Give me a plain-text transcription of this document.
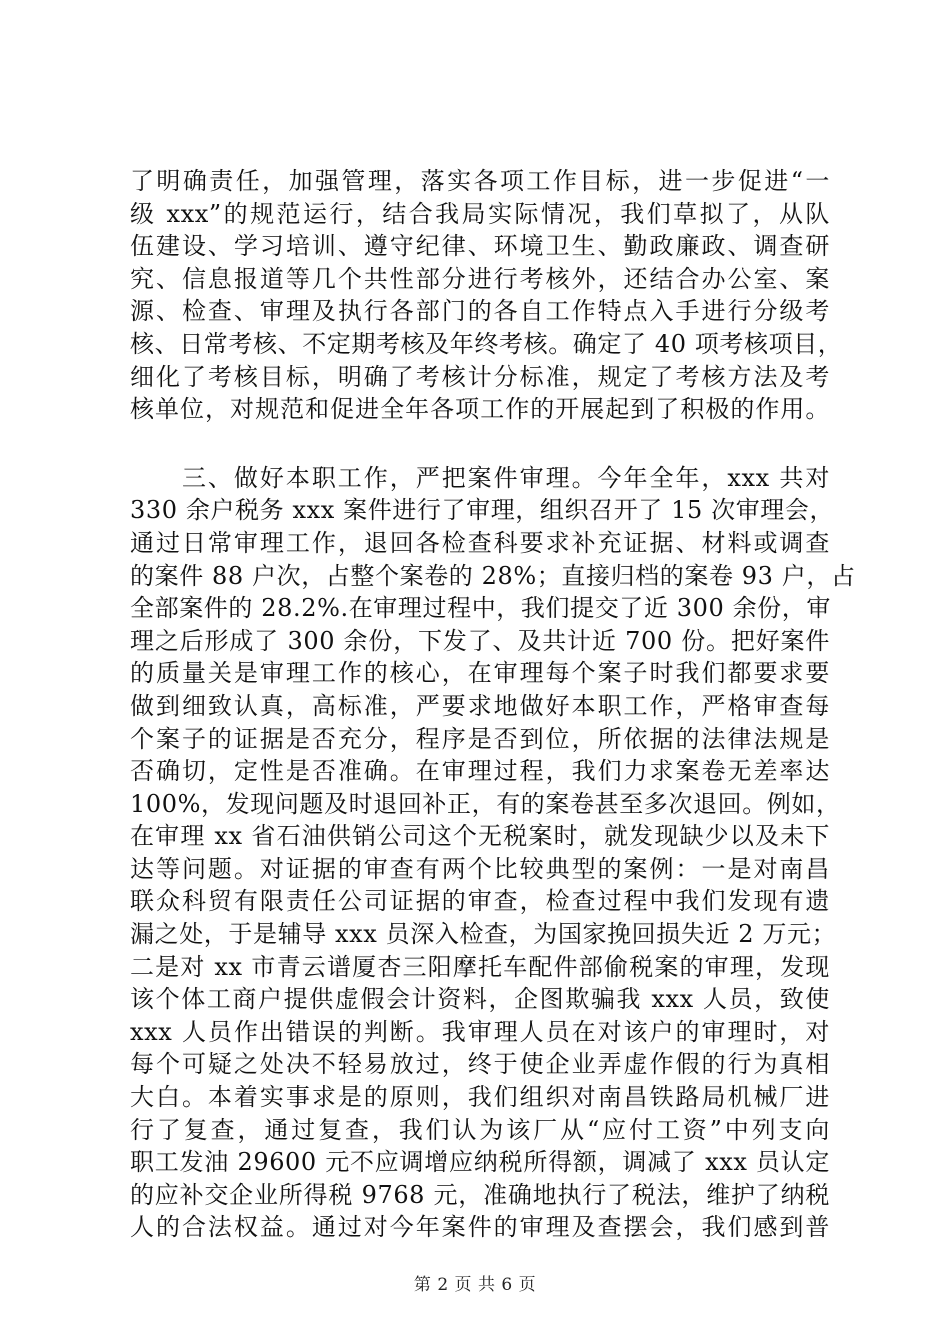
了明确责任，加强管理，落实各项工作目标，进一步促进“一
级 xxx”的规范运行，结合我局实际情况，我们草拟了，从队
伍建设、学习培训、遵守纪律、环境卫生、勤政廉政、调查研
究、信息报道等几个共性部分进行考核外，还结合办公室、案
源、检查、审理及执行各部门的各自工作特点入手进行分级考
核、日常考核、不定期考核及年终考核。确定了 40 项考核项目，
细化了考核目标，明确了考核计分标准，规定了考核方法及考
核单位，对规范和促进全年各项工作的开展起到了积极的作用。
　　三、做好本职工作，严把案件审理。今年全年，xxx 共对
330 余户税务 xxx 案件进行了审理，组织召开了 15 次审理会，
通过日常审理工作，退回各检查科要求补充证据、材料或调查
的案件 88 户次，占整个案卷的 28%；直接归档的案卷 93 户，占
全部案件的 28.2%.在审理过程中，我们提交了近 300 余份，审
理之后形成了 300 余份，下发了、及共计近 700 份。把好案件
的质量关是审理工作的核心，在审理每个案子时我们都要求要
做到细致认真，高标准，严要求地做好本职工作，严格审查每
个案子的证据是否充分，程序是否到位，所依据的法律法规是
否确切，定性是否准确。在审理过程，我们力求案卷无差率达
100%，发现问题及时退回补正，有的案卷甚至多次退回。例如，
在审理 xx 省石油供销公司这个无税案时，就发现缺少以及未下
达等问题。对证据的审查有两个比较典型的案例：一是对南昌
联众科贸有限责任公司证据的审查，检查过程中我们发现有遗
漏之处，于是辅导 xxx 员深入检查，为国家挽回损失近 2 万元；
二是对 xx 市青云谱厦杏三阳摩托车配件部偷税案的审理，发现
该个体工商户提供虚假会计资料，企图欺骗我 xxx 人员，致使
xxx 人员作出错误的判断。我审理人员在对该户的审理时，对
每个可疑之处决不轻易放过，终于使企业弄虚作假的行为真相
大白。本着实事求是的原则，我们组织对南昌铁路局机械厂进
行了复查，通过复查，我们认为该厂从“应付工资”中列支向
职工发油 29600 元不应调增应纳税所得额，调减了 xxx 员认定
的应补交企业所得税 9768 元，准确地执行了税法，维护了纳税
人的合法权益。通过对今年案件的审理及查摆会，我们感到普
第 2 页 共 6 页
